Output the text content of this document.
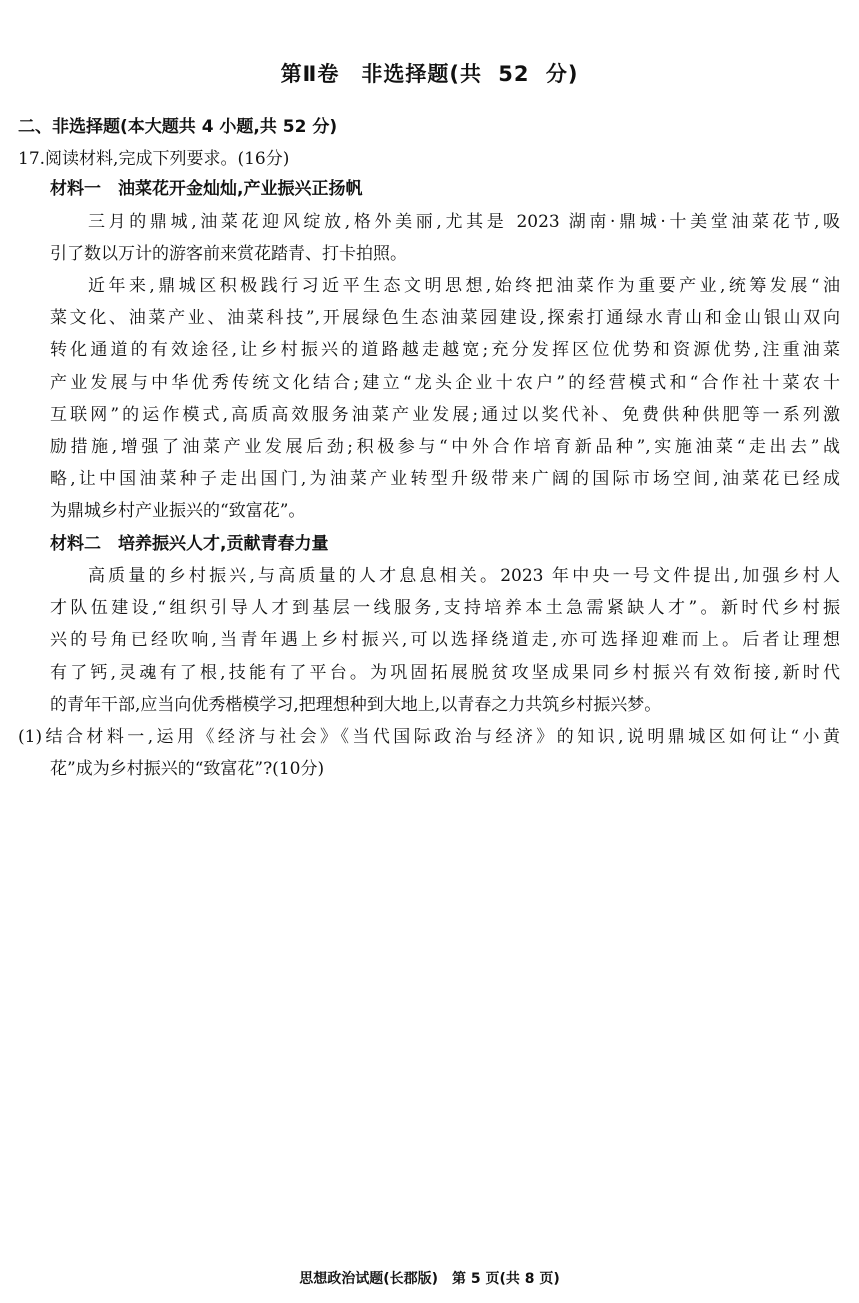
第Ⅱ卷　非选择题(共 52 分)
二、非选择题(本大题共 4 小题,共 52 分)
17.阅读材料,完成下列要求。(16分)
材料一　油菜花开金灿灿,产业振兴正扬帆
三月的鼎城,油菜花迎风绽放,格外美丽,尤其是 2023 湖南·鼎城·十美堂油菜花节,吸
引了数以万计的游客前来赏花踏青、打卡拍照。
近年来,鼎城区积极践行习近平生态文明思想,始终把油菜作为重要产业,统筹发展“油
菜文化、油菜产业、油菜科技”,开展绿色生态油菜园建设,探索打通绿水青山和金山银山双向
转化通道的有效途径,让乡村振兴的道路越走越宽;充分发挥区位优势和资源优势,注重油菜
产业发展与中华优秀传统文化结合;建立“龙头企业十农户”的经营模式和“合作社十菜农十
互联网”的运作模式,高质高效服务油菜产业发展;通过以奖代补、免费供种供肥等一系列激
励措施,增强了油菜产业发展后劲;积极参与“中外合作培育新品种”,实施油菜“走出去”战
略,让中国油菜种子走出国门,为油菜产业转型升级带来广阔的国际市场空间,油菜花已经成
为鼎城乡村产业振兴的“致富花”。
材料二　培养振兴人才,贡献青春力量
高质量的乡村振兴,与高质量的人才息息相关。2023 年中央一号文件提出,加强乡村人
才队伍建设,“组织引导人才到基层一线服务,支持培养本土急需紧缺人才”。新时代乡村振
兴的号角已经吹响,当青年遇上乡村振兴,可以选择绕道走,亦可选择迎难而上。后者让理想
有了钙,灵魂有了根,技能有了平台。为巩固拓展脱贫攻坚成果同乡村振兴有效衔接,新时代
的青年干部,应当向优秀楷模学习,把理想种到大地上,以青春之力共筑乡村振兴梦。
(1)结合材料一,运用《经济与社会》《当代国际政治与经济》的知识,说明鼎城区如何让“小黄
花”成为乡村振兴的“致富花”?(10分)
思想政治试题(长郡版)　第 5 页(共 8 页)
